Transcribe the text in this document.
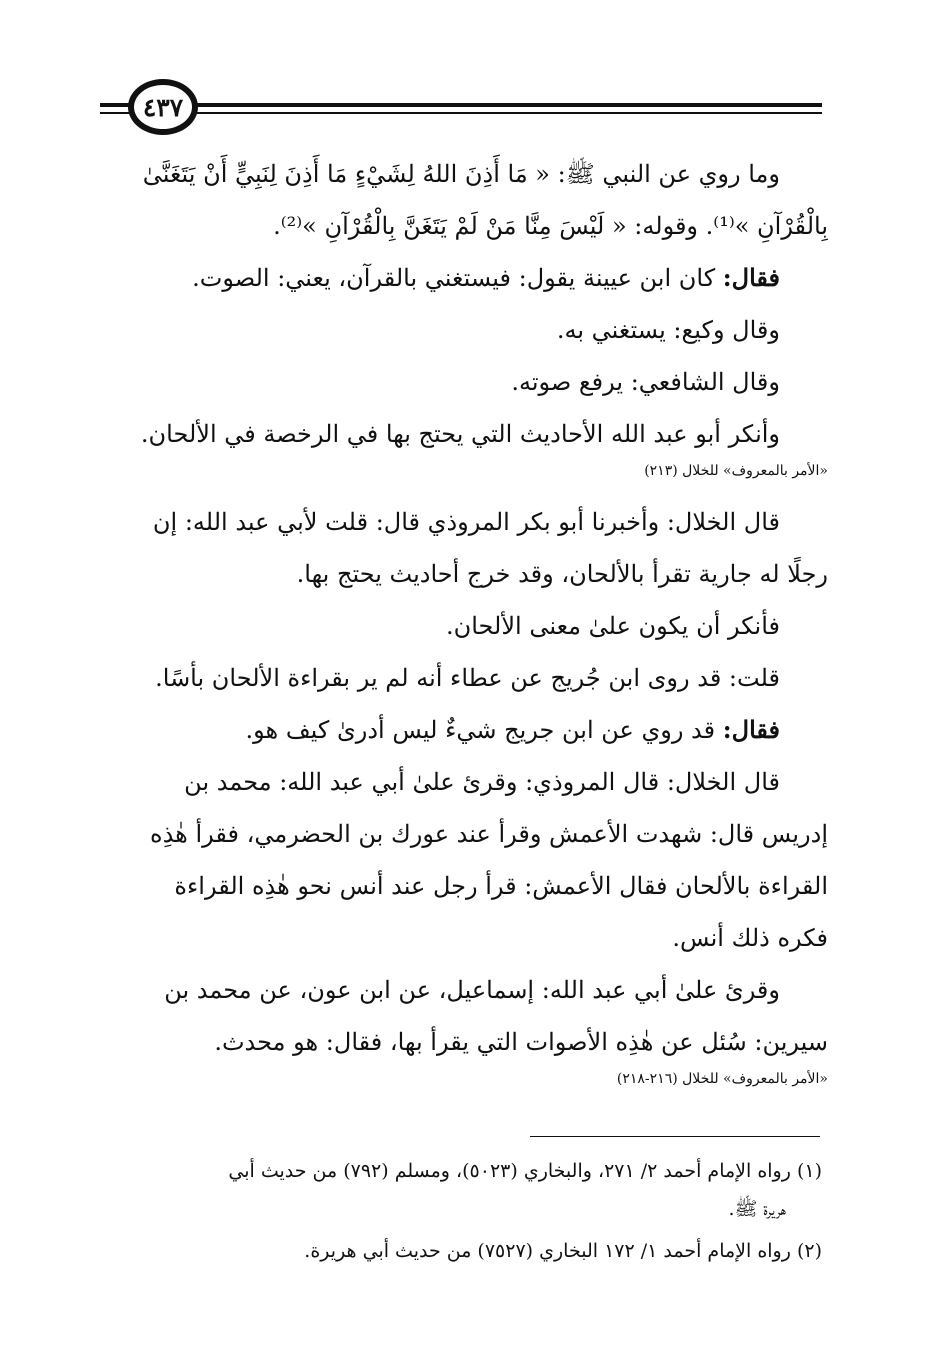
٤٣٧
وما روي عن النبي ﷺ: « مَا أَذِنَ اللهُ لِشَيْءٍ مَا أَذِنَ لِنَبِيٍّ أَنْ يَتَغَنَّىٰ
بِالْقُرْآنِ »⁽¹⁾. وقوله: « لَيْسَ مِنَّا مَنْ لَمْ يَتَغَنَّ بِالْقُرْآنِ »⁽²⁾.
فقال: كان ابن عيينة يقول: فيستغني بالقرآن، يعني: الصوت.
وقال وكيع: يستغني به.
وقال الشافعي: يرفع صوته.
وأنكر أبو عبد الله الأحاديث التي يحتج بها في الرخصة في الألحان.
«الأمر بالمعروف» للخلال (٢١٣)
قال الخلال: وأخبرنا أبو بكر المروذي قال: قلت لأبي عبد الله: إن
رجلًا له جارية تقرأ بالألحان، وقد خرج أحاديث يحتج بها.
فأنكر أن يكون علىٰ معنى الألحان.
قلت: قد روى ابن جُريج عن عطاء أنه لم ير بقراءة الألحان بأسًا.
فقال: قد روي عن ابن جريج شيءٌ ليس أدرىٰ كيف هو.
قال الخلال: قال المروذي: وقرئ علىٰ أبي عبد الله: محمد بن
إدريس قال: شهدت الأعمش وقرأ عند عورك بن الحضرمي، فقرأ هٰذِه
القراءة بالألحان فقال الأعمش: قرأ رجل عند أنس نحو هٰذِه القراءة
فكره ذلك أنس.
وقرئ علىٰ أبي عبد الله: إسماعيل، عن ابن عون، عن محمد بن
سيرين: سُئل عن هٰذِه الأصوات التي يقرأ بها، فقال: هو محدث.
«الأمر بالمعروف» للخلال (٢١٦-٢١٨)
(١) رواه الإمام أحمد ٢/ ٢٧١، والبخاري (٥٠٢٣)، ومسلم (٧٩٢) من حديث أبي
هريرة ﷺ.
(٢) رواه الإمام أحمد ١/ ١٧٢ البخاري (٧٥٢٧) من حديث أبي هريرة.
